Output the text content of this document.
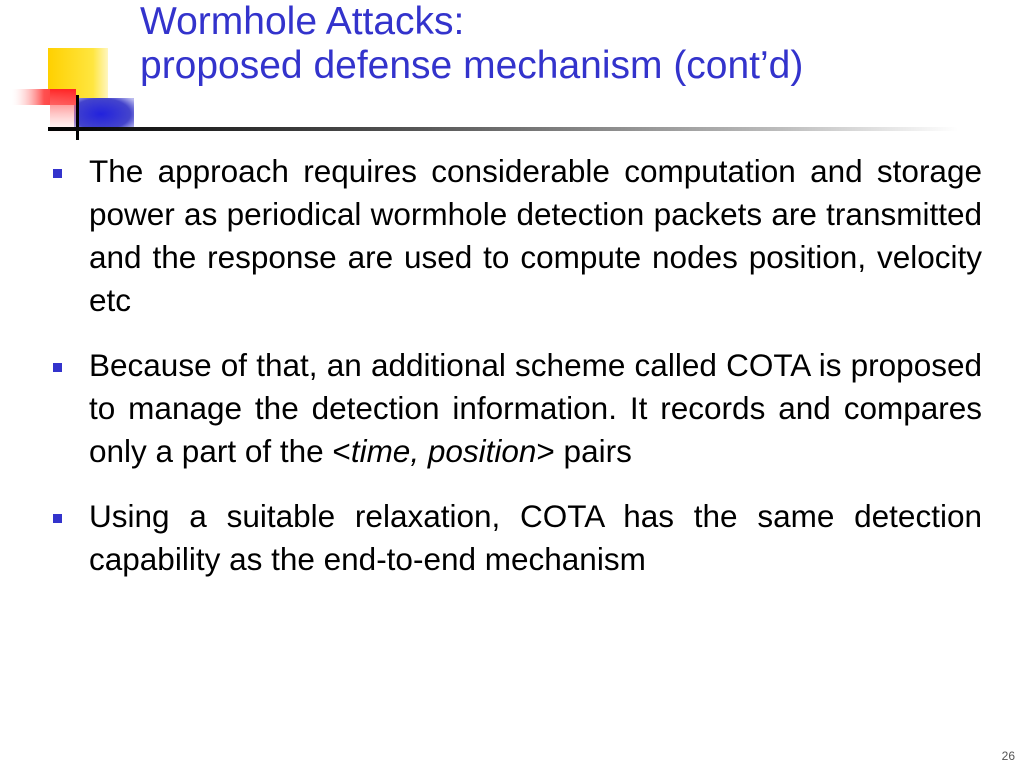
Wormhole Attacks:
proposed defense mechanism (cont’d)
The approach requires considerable computation and storage power as periodical wormhole detection packets are transmitted and the response are used to compute nodes position, velocity etc
Because of that, an additional scheme called COTA is proposed to manage the detection information. It records and compares only a part of the <time, position> pairs
Using a suitable relaxation, COTA has the same detection capability as the end-to-end mechanism
26
